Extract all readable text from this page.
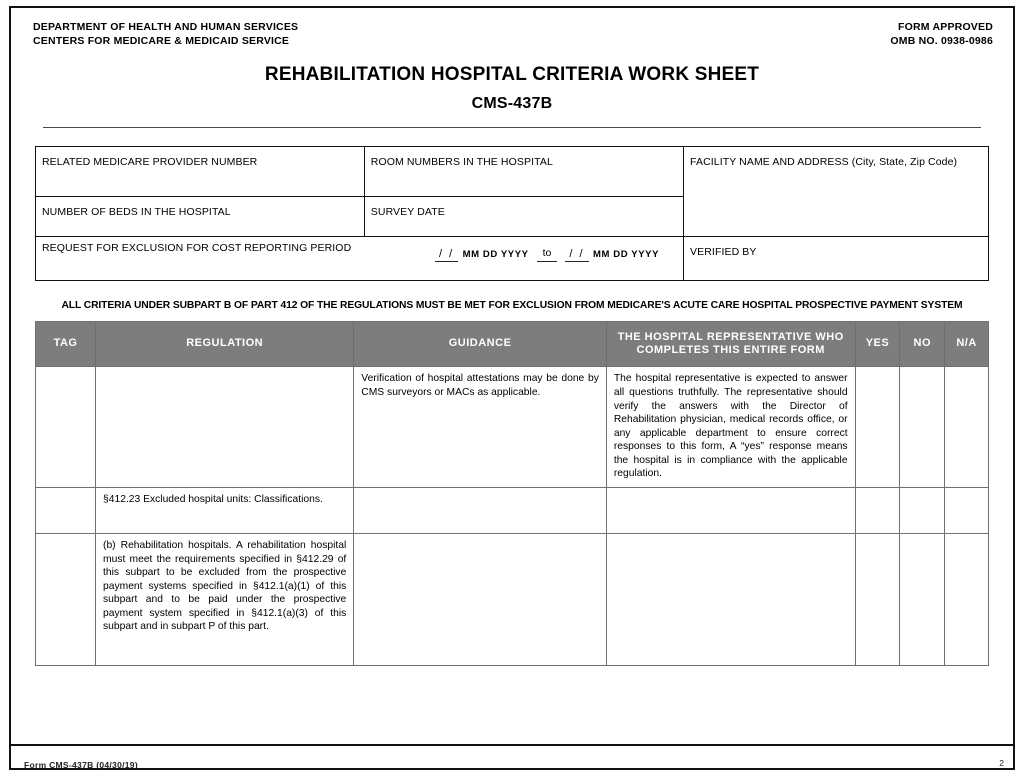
DEPARTMENT OF HEALTH AND HUMAN SERVICES
CENTERS FOR MEDICARE & MEDICAID SERVICE
FORM APPROVED
OMB NO. 0938-0986
REHABILITATION HOSPITAL CRITERIA WORK SHEET
CMS-437B
RELATED MEDICARE PROVIDER NUMBER	ROOM NUMBERS IN THE HOSPITAL	FACILITY NAME AND ADDRESS (City, State, Zip Code)
NUMBER OF BEDS IN THE HOSPITAL	SURVEY DATE	

REQUEST FOR EXCLUSION FOR COST REPORTING PERIOD / / MM DD YYYY to / / MM DD YYYY		VERIFIED BY
ALL CRITERIA UNDER SUBPART B OF PART 412 OF THE REGULATIONS MUST BE MET FOR EXCLUSION FROM MEDICARE'S ACUTE CARE HOSPITAL PROSPECTIVE PAYMENT SYSTEM
TAG	REGULATION	GUIDANCE	THE HOSPITAL REPRESENTATIVE WHO COMPLETES THIS ENTIRE FORM	YES	NO	N/A

		Verification of hospital attestations may be done by CMS surveyors or MACs as applicable.	The hospital representative is expected to answer all questions truthfully. The representative should verify the answers with the Director of Rehabilitation physician, medical records office, or any applicable department to ensure correct responses to this form, A “yes” response means the hospital is in compliance with the applicable regulation.			

	§412.23 Excluded hospital units: Classifications.					

	(b) Rehabilitation hospitals. A rehabilitation hospital must meet the requirements specified in §412.29 of this subpart to be excluded from the prospective payment systems specified in §412.1(a)(1) of this subpart and to be paid under the prospective payment system specified in §412.1(a)(3) of this subpart and in subpart P of this part.					

Form CMS-437B (04/30/19)	2
